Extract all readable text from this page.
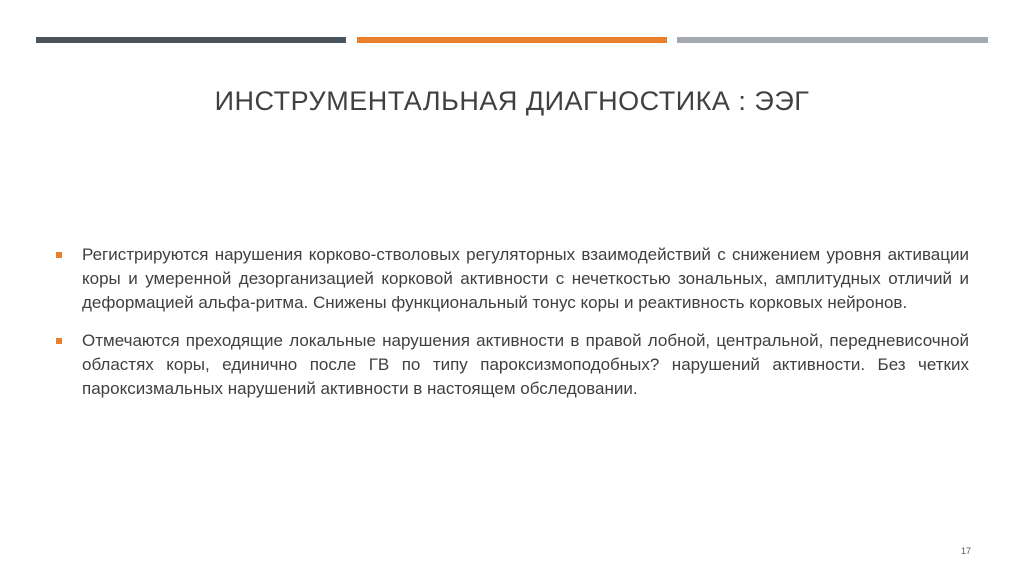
ИНСТРУМЕНТАЛЬНАЯ ДИАГНОСТИКА : ЭЭГ
Регистрируются нарушения корково-стволовых регуляторных взаимодействий с снижением уровня активации коры и умеренной дезорганизацией корковой активности с нечеткостью зональных, амплитудных отличий и деформацией альфа-ритма. Снижены функциональный тонус коры и реактивность корковых нейронов.
Отмечаются преходящие локальные нарушения активности в правой лобной, центральной, передневисочной областях коры, единично после ГВ по типу пароксизмоподобных? нарушений активности. Без четких пароксизмальных нарушений активности в настоящем обследовании.
17
